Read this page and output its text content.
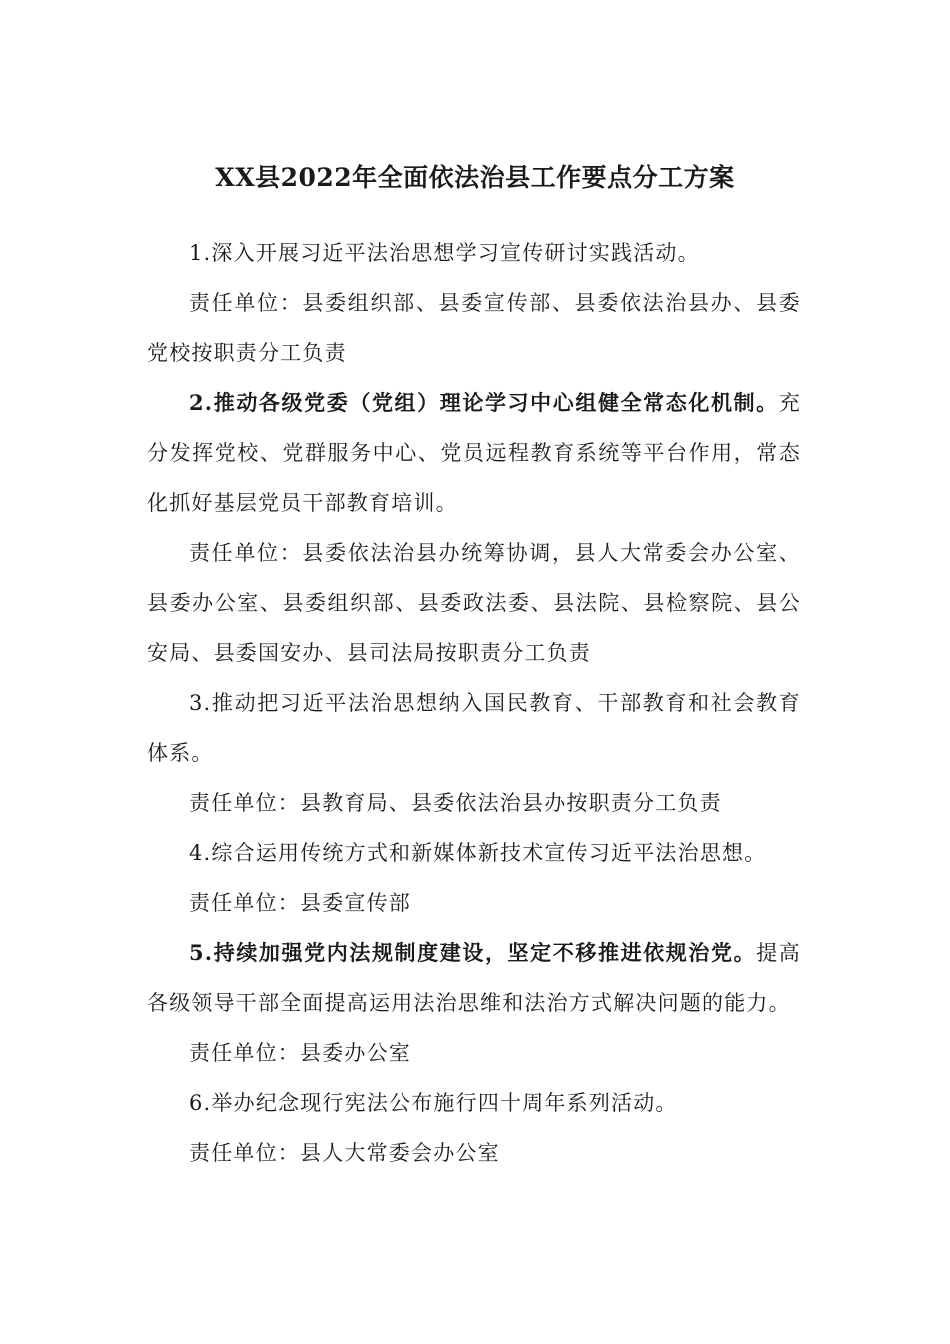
XX县2022年全面依法治县工作要点分工方案

1.深入开展习近平法治思想学习宣传研讨实践活动。

责任单位：县委组织部、县委宣传部、县委依法治县办、县委党校按职责分工负责

2.推动各级党委（党组）理论学习中心组健全常态化机制。充分发挥党校、党群服务中心、党员远程教育系统等平台作用，常态化抓好基层党员干部教育培训。

责任单位：县委依法治县办统筹协调，县人大常委会办公室、县委办公室、县委组织部、县委政法委、县法院、县检察院、县公安局、县委国安办、县司法局按职责分工负责

3.推动把习近平法治思想纳入国民教育、干部教育和社会教育体系。

责任单位：县教育局、县委依法治县办按职责分工负责

4.综合运用传统方式和新媒体新技术宣传习近平法治思想。

责任单位：县委宣传部

5.持续加强党内法规制度建设，坚定不移推进依规治党。提高各级领导干部全面提高运用法治思维和法治方式解决问题的能力。

责任单位：县委办公室

6.举办纪念现行宪法公布施行四十周年系列活动。

责任单位：县人大常委会办公室
